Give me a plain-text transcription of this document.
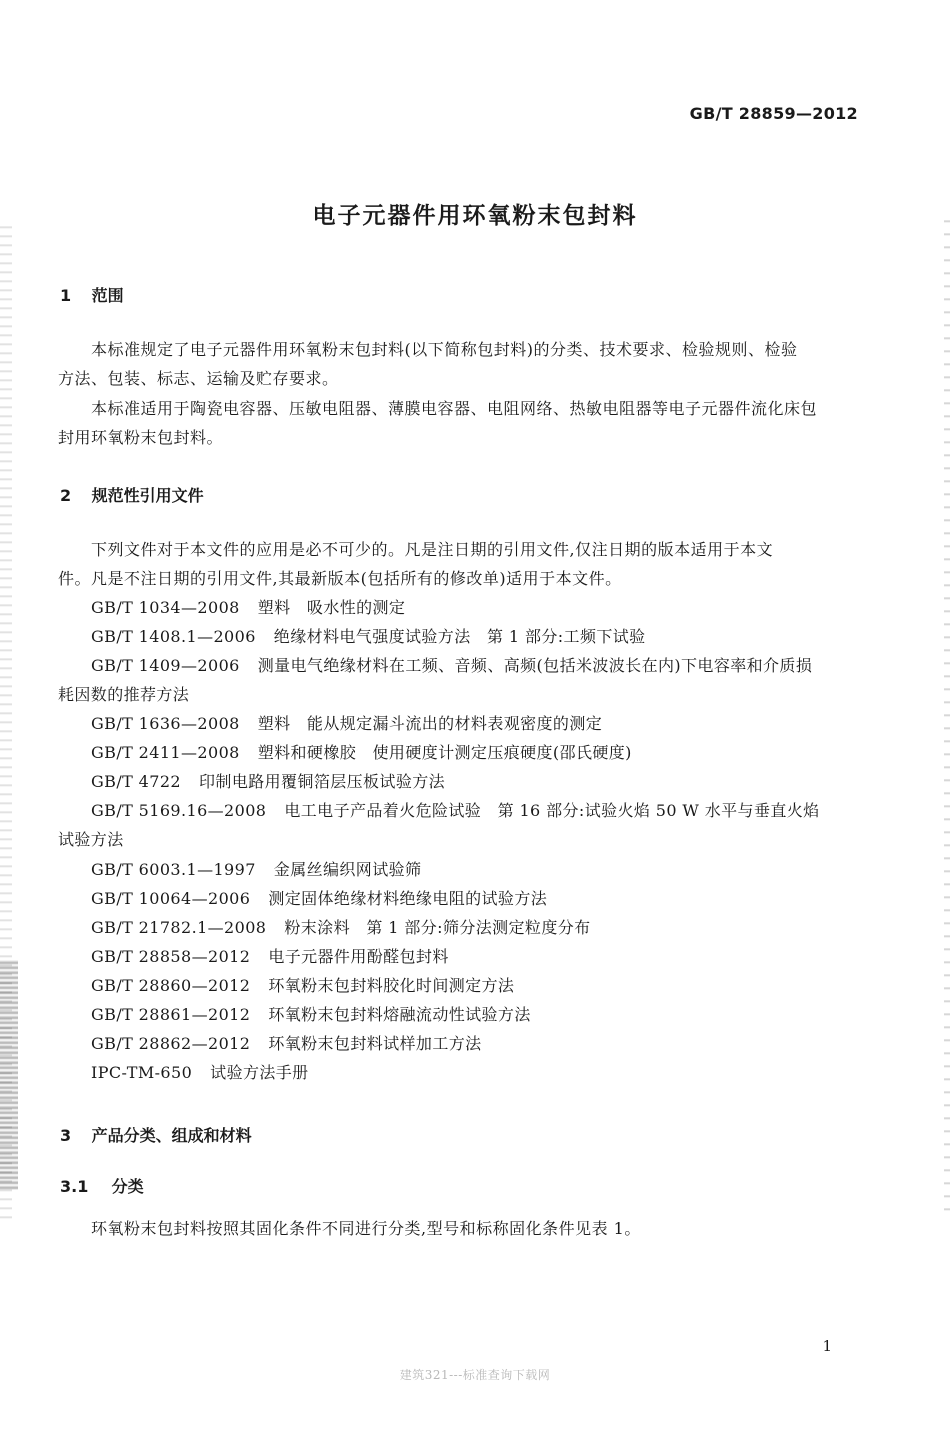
GB/T 28859—2012
电子元器件用环氧粉末包封料
1 范围
本标准规定了电子元器件用环氧粉末包封料(以下简称包封料)的分类、技术要求、检验规则、检验
方法、包装、标志、运输及贮存要求。
本标准适用于陶瓷电容器、压敏电阻器、薄膜电容器、电阻网络、热敏电阻器等电子元器件流化床包
封用环氧粉末包封料。
2 规范性引用文件
下列文件对于本文件的应用是必不可少的。凡是注日期的引用文件,仅注日期的版本适用于本文
件。凡是不注日期的引用文件,其最新版本(包括所有的修改单)适用于本文件。
GB/T 1034—2008 塑料　吸水性的测定
GB/T 1408.1—2006 绝缘材料电气强度试验方法　第 1 部分:工频下试验
GB/T 1409—2006 测量电气绝缘材料在工频、音频、高频(包括米波波长在内)下电容率和介质损
耗因数的推荐方法
GB/T 1636—2008 塑料　能从规定漏斗流出的材料表观密度的测定
GB/T 2411—2008 塑料和硬橡胶　使用硬度计测定压痕硬度(邵氏硬度)
GB/T 4722 印制电路用覆铜箔层压板试验方法
GB/T 5169.16—2008 电工电子产品着火危险试验　第 16 部分:试验火焰 50 W 水平与垂直火焰
试验方法
GB/T 6003.1—1997 金属丝编织网试验筛
GB/T 10064—2006 测定固体绝缘材料绝缘电阻的试验方法
GB/T 21782.1—2008 粉末涂料　第 1 部分:筛分法测定粒度分布
GB/T 28858—2012 电子元器件用酚醛包封料
GB/T 28860—2012 环氧粉末包封料胶化时间测定方法
GB/T 28861—2012 环氧粉末包封料熔融流动性试验方法
GB/T 28862—2012 环氧粉末包封料试样加工方法
IPC-TM-650 试验方法手册
3 产品分类、组成和材料
3.1 分类
环氧粉末包封料按照其固化条件不同进行分类,型号和标称固化条件见表 1。
1
建筑321---标准查询下载网
